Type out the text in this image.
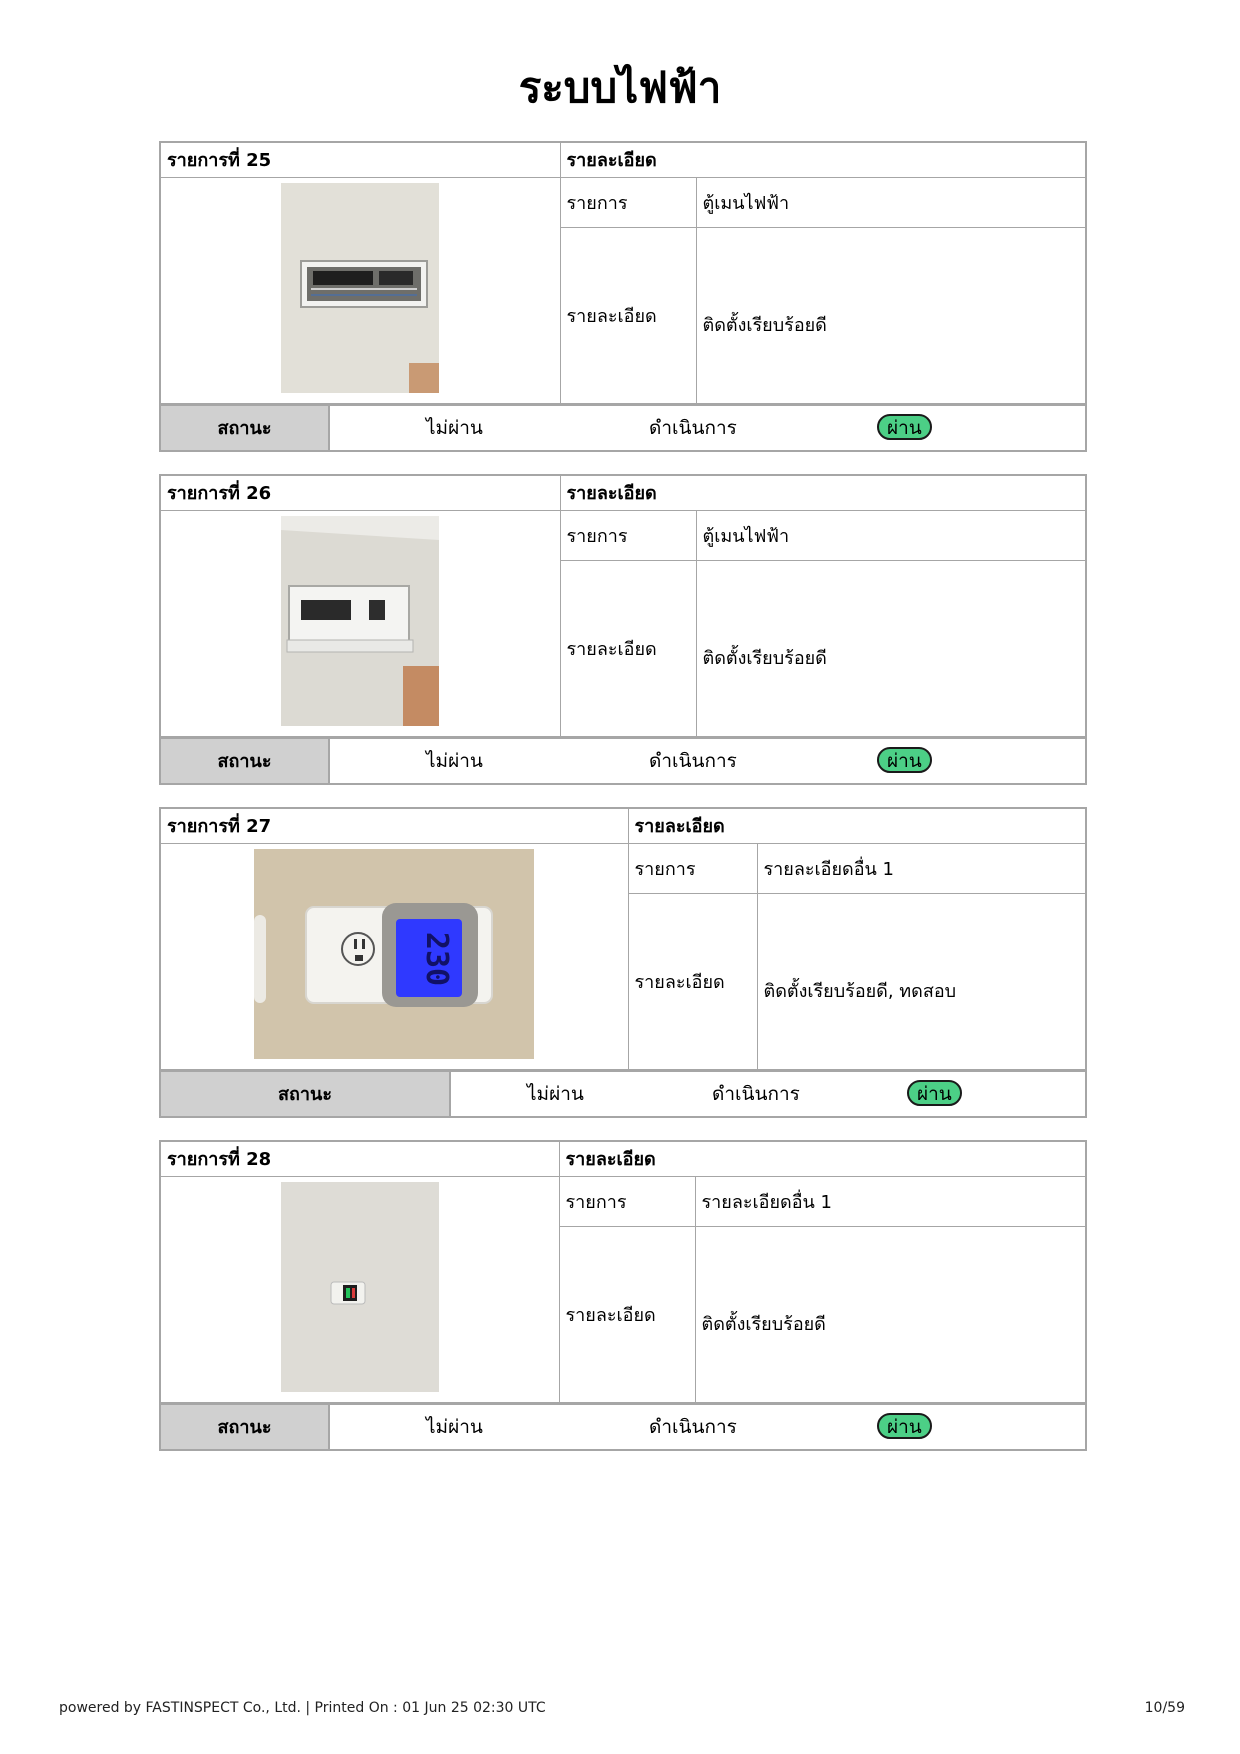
ระบบไฟฟ้า
รายการที่ 25	รายละเอียด	
	รายการ	ตู้เมนไฟฟ้า
	รายละเอียด	ติดตั้งเรียบร้อยดี
สถานะ	ไม่ผ่าน	ดำเนินการ	ผ่าน
รายการที่ 26	รายละเอียด	
	รายการ	ตู้เมนไฟฟ้า
	รายละเอียด	ติดตั้งเรียบร้อยดี
สถานะ	ไม่ผ่าน	ดำเนินการ	ผ่าน
รายการที่ 27	รายละเอียด	

230	รายการ	รายละเอียดอื่น 1
	รายละเอียด	ติดตั้งเรียบร้อยดี, ทดสอบ
สถานะ	ไม่ผ่าน	ดำเนินการ	ผ่าน
รายการที่ 28	รายละเอียด	
	รายการ	รายละเอียดอื่น 1
	รายละเอียด	ติดตั้งเรียบร้อยดี
สถานะ	ไม่ผ่าน	ดำเนินการ	ผ่าน
powered by FASTINSPECT Co., Ltd. | Printed On : 01 Jun 25 02:30 UTC	10/59
